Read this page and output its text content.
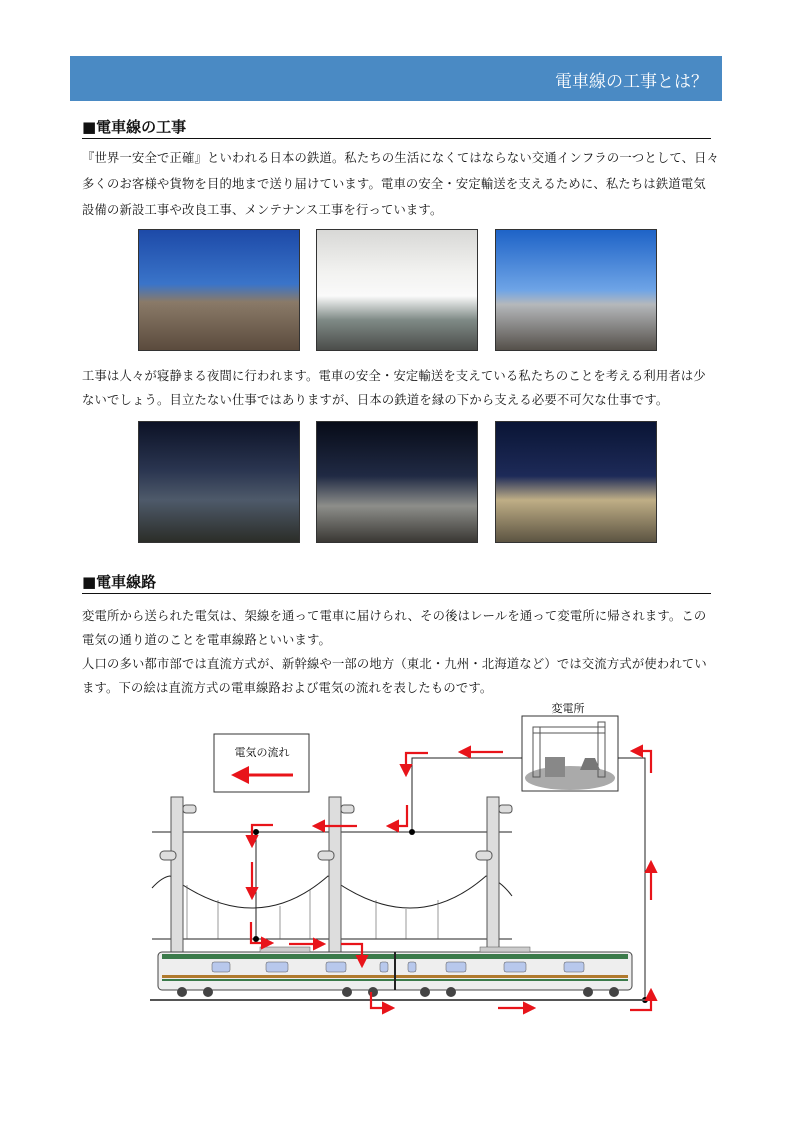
電車線の工事とは？
■電車線の工事
『世界一安全で正確』といわれる日本の鉄道。私たちの生活になくてはならない交通インフラの一つとして、日々
多くのお客様や貨物を目的地まで送り届けています。電車の安全・安定輸送を支えるために、私たちは鉄道電気
設備の新設工事や改良工事、メンテナンス工事を行っています。
工事は人々が寝静まる夜間に行われます。電車の安全・安定輸送を支えている私たちのことを考える利用者は少
ないでしょう。目立たない仕事ではありますが、日本の鉄道を縁の下から支える必要不可欠な仕事です。
■電車線路
変電所から送られた電気は、架線を通って電車に届けられ、その後はレールを通って変電所に帰されます。この
電気の通り道のことを電車線路といいます。
人口の多い都市部では直流方式が、新幹線や一部の地方（東北・九州・北海道など）では交流方式が使われてい
ます。下の絵は直流方式の電車線路および電気の流れを表したものです。
変電所
電気の流れ
